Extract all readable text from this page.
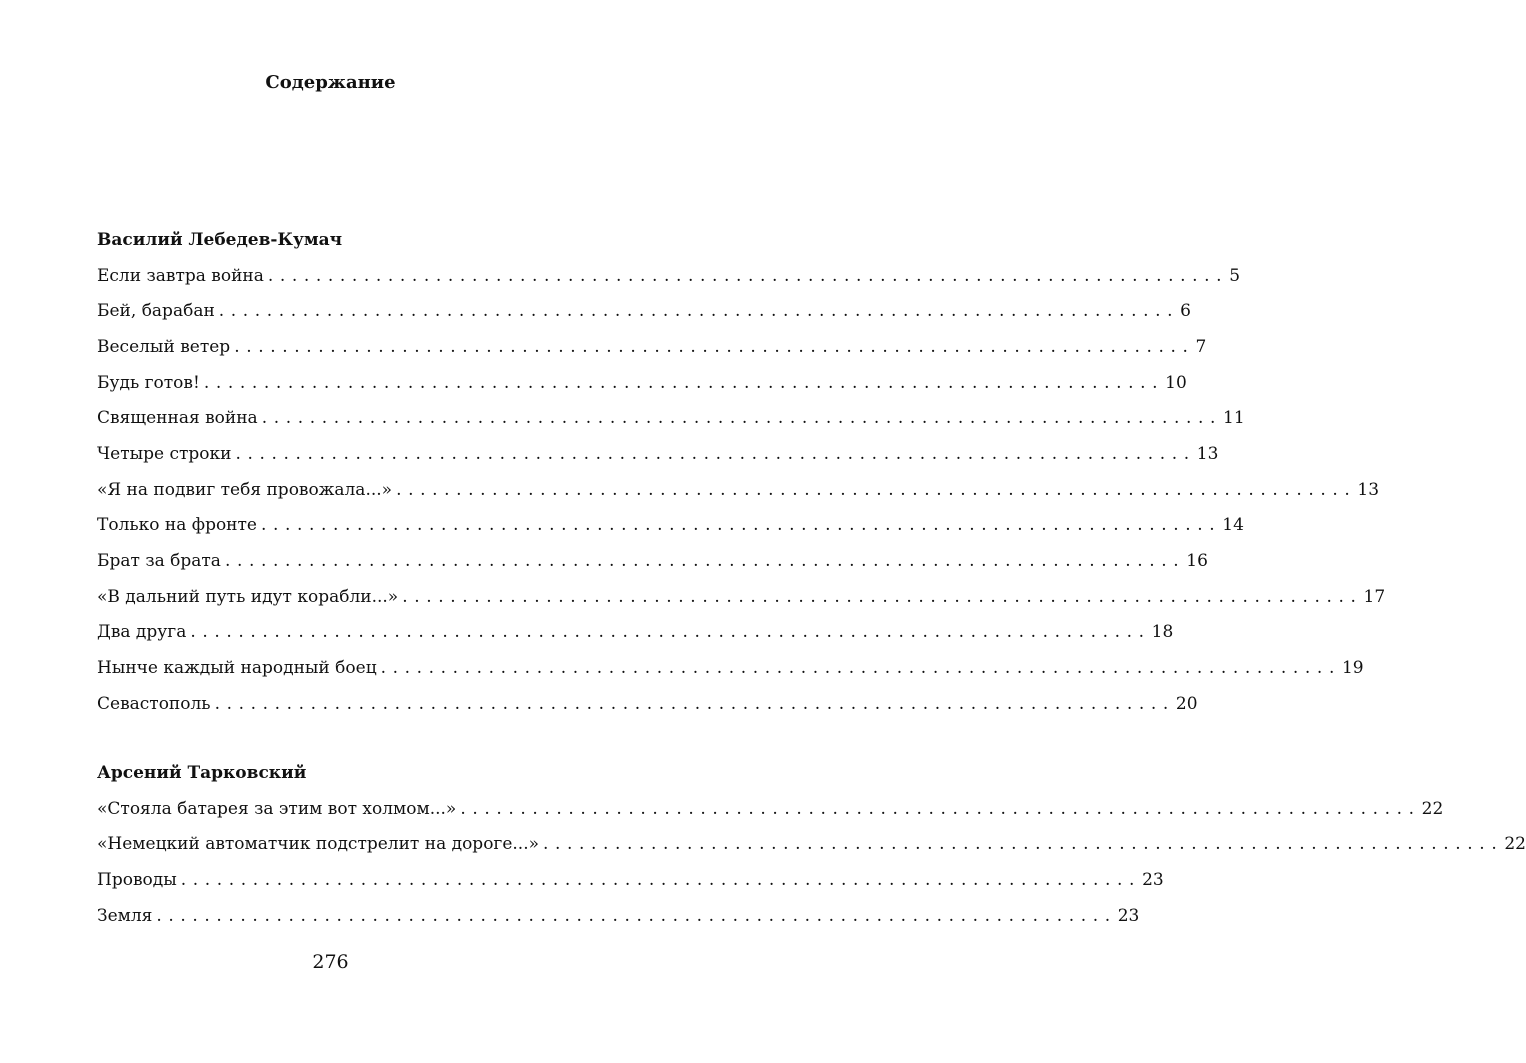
Содержание
Василий Лебедев-Кумач
Если завтра война ................................................................................ 5
Бей, барабан ................................................................................ 6
Веселый ветер ................................................................................ 7
Будь готов! ................................................................................ 10
Священная война ................................................................................ 11
Четыре строки ................................................................................ 13
«Я на подвиг тебя провожала...» ................................................................................ 13
Только на фронте ................................................................................ 14
Брат за брата ................................................................................ 16
«В дальний путь идут корабли...» ................................................................................ 17
Два друга ................................................................................ 18
Нынче каждый народный боец ................................................................................ 19
Севастополь ................................................................................ 20
Арсений Тарковский
«Стояла батарея за этим вот холмом...» ................................................................................ 22
«Немецкий автоматчик подстрелит на дороге...» ................................................................................ 22
Проводы ................................................................................ 23
Земля ................................................................................ 23
276
